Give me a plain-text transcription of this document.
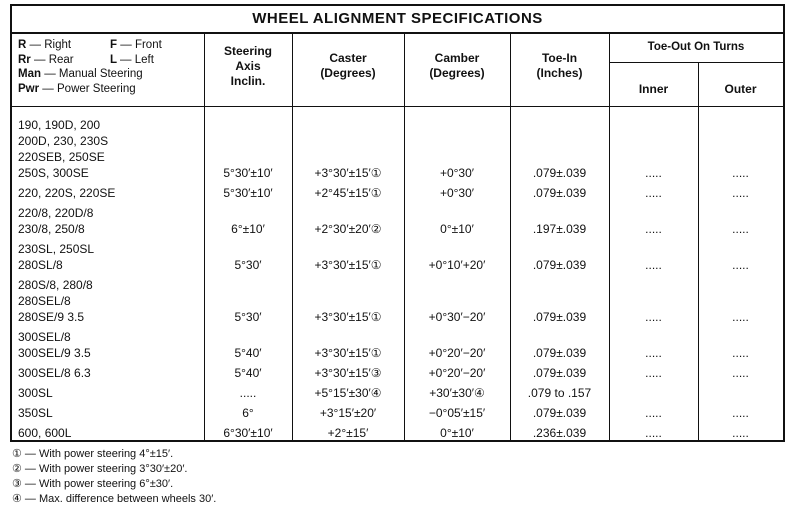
WHEEL ALIGNMENT SPECIFICATIONS
R — Right	F — Front
Rr — Rear	L — Left
Man — Manual Steering
Pwr — Power Steering
Steering
Axis
Inclin.
Caster
(Degrees)
Camber
(Degrees)
Toe-In
(Inches)
Toe-Out On Turns
Inner	Outer
190, 190D, 200
200D, 230, 230S
220SEB, 250SE
250S, 300SE	5°30′±10′	+3°30′±15′①	+0°30′	.079±.039	.....	.....
220, 220S, 220SE	5°30′±10′	+2°45′±15′①	+0°30′	.079±.039	.....	.....
220/8, 220D/8
230/8, 250/8	6°±10′	+2°30′±20′②	0°±10′	.197±.039	.....	.....
230SL, 250SL
280SL/8	5°30′	+3°30′±15′①	+0°10′+20′	.079±.039	.....	.....
280S/8, 280/8
280SEL/8
280SE/9 3.5	5°30′	+3°30′±15′①	+0°30′−20′	.079±.039	.....	.....
300SEL/8
300SEL/9 3.5	5°40′	+3°30′±15′①	+0°20′−20′	.079±.039	.....	.....
300SEL/8 6.3	5°40′	+3°30′±15′③	+0°20′−20′	.079±.039	.....	.....
300SL	.....	+5°15′±30′④	+30′±30′④	.079 to .157
350SL	6°	+3°15′±20′	−0°05′±15′	.079±.039	.....	.....
600, 600L	6°30′±10′	+2°±15′	0°±10′	.236±.039	.....	.....
① — With power steering 4°±15′.
② — With power steering 3°30′±20′.
③ — With power steering 6°±30′.
④ — Max. difference between wheels 30′.
